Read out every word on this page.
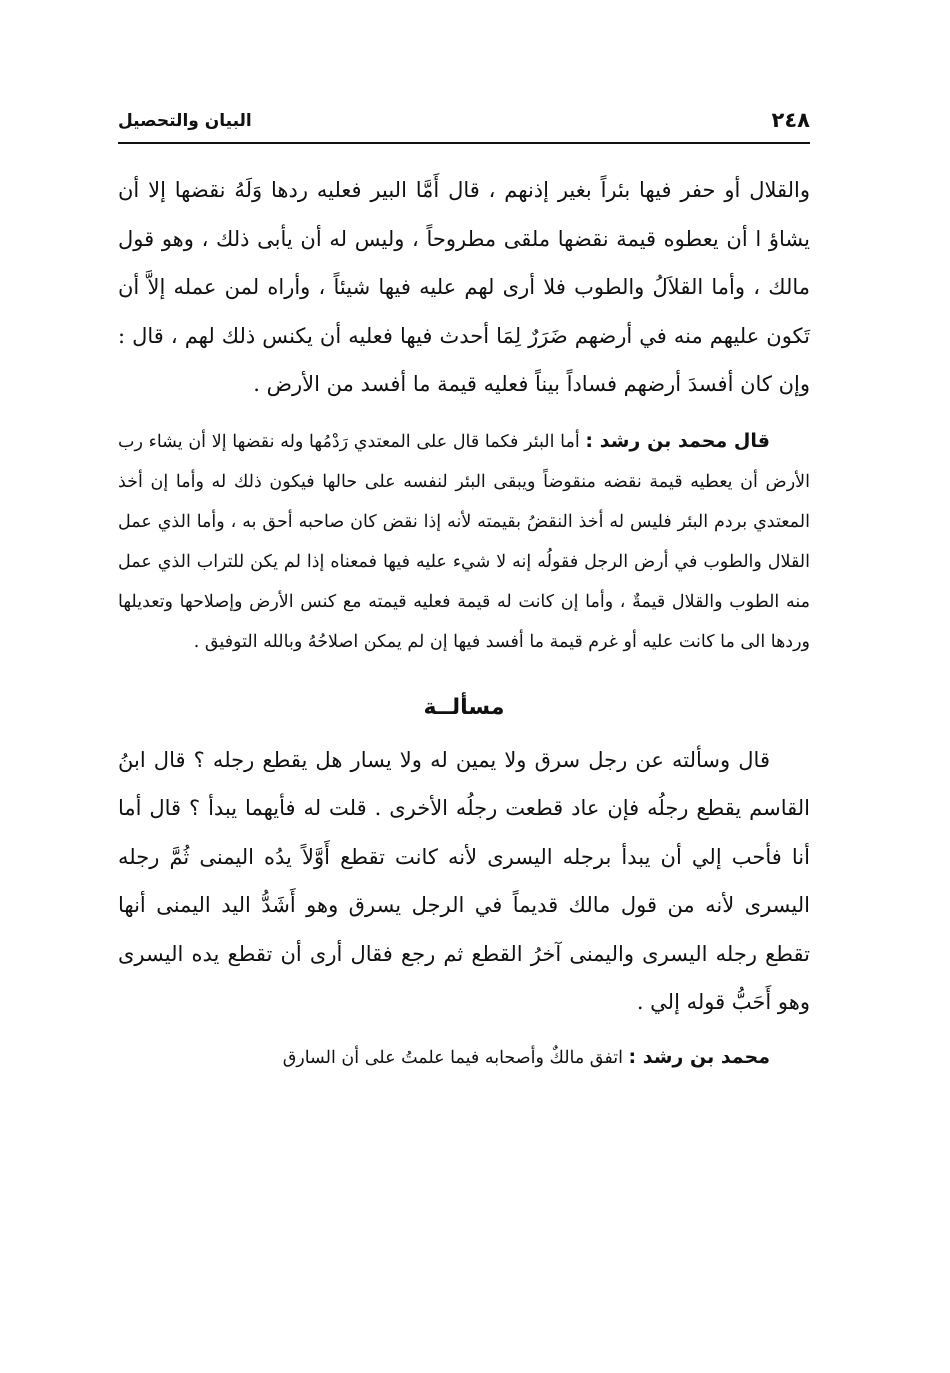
٢٤٨
البيان والتحصيل

والقلال أو حفر فيها بئراً بغير إذنهم ، قال أَمَّا البير فعليه ردها وَلَهُ نقضها إلا أن يشاؤ ا أن يعطوه قيمة نقضها ملقى مطروحاً ، وليس له أن يأبى ذلك ، وهو قول مالك ، وأما القلاَلُ والطوب فلا أرى لهم عليه فيها شيئاً ، وأراه لمن عمله إلاَّ أن تَكون عليهم منه في أرضهم ضَرَرٌ لِمَا أحدث فيها فعليه أن يكنس ذلك لهم ، قال : وإن كان أفسدَ أرضهم فساداً بيناً فعليه قيمة ما أفسد من الأرض .

قال محمد بن رشد : أما البئر فكما قال على المعتدي رَدْمُها وله نقضها إلا أن يشاء رب الأرض أن يعطيه قيمة نقضه منقوضاً ويبقى البئر لنفسه على حالها فيكون ذلك له وأما إن أخذ المعتدي بردم البئر فليس له أخذ النقضُ بقيمته لأنه إذا نقض كان صاحبه أحق به ، وأما الذي عمل القلال والطوب في أرض الرجل فقولُه إنه لا شيء عليه فيها فمعناه إذا لم يكن للتراب الذي عمل منه الطوب والقلال قيمةٌ ، وأما إن كانت له قيمة فعليه قيمته مع كنس الأرض وإصلاحها وتعديلها وردها الى ما كانت عليه أو غرم قيمة ما أفسد فيها إن لم يمكن اصلاحُهُ وبالله التوفيق .

مسألــة

قال وسألته عن رجل سرق ولا يمين له ولا يسار هل يقطع رجله ؟ قال ابنُ القاسم يقطع رجلُه فإن عاد قطعت رجلُه الأخرى . قلت له فأيهما يبدأ ؟ قال أما أنا فأحب إلي أن يبدأ برجله اليسرى لأنه كانت تقطع أَوَّلاً يدُه اليمنى ثُمَّ رجله اليسرى لأنه من قول مالك قديماً في الرجل يسرق وهو أَشَدُّ اليد اليمنى أنها تقطع رجله اليسرى واليمنى آخرُ القطع ثم رجع فقال أرى أن تقطع يده اليسرى وهو أَحَبُّ قوله إلي .

محمد بن رشد : اتفق مالكٌ وأصحابه فيما علمتُ على أن السارق
